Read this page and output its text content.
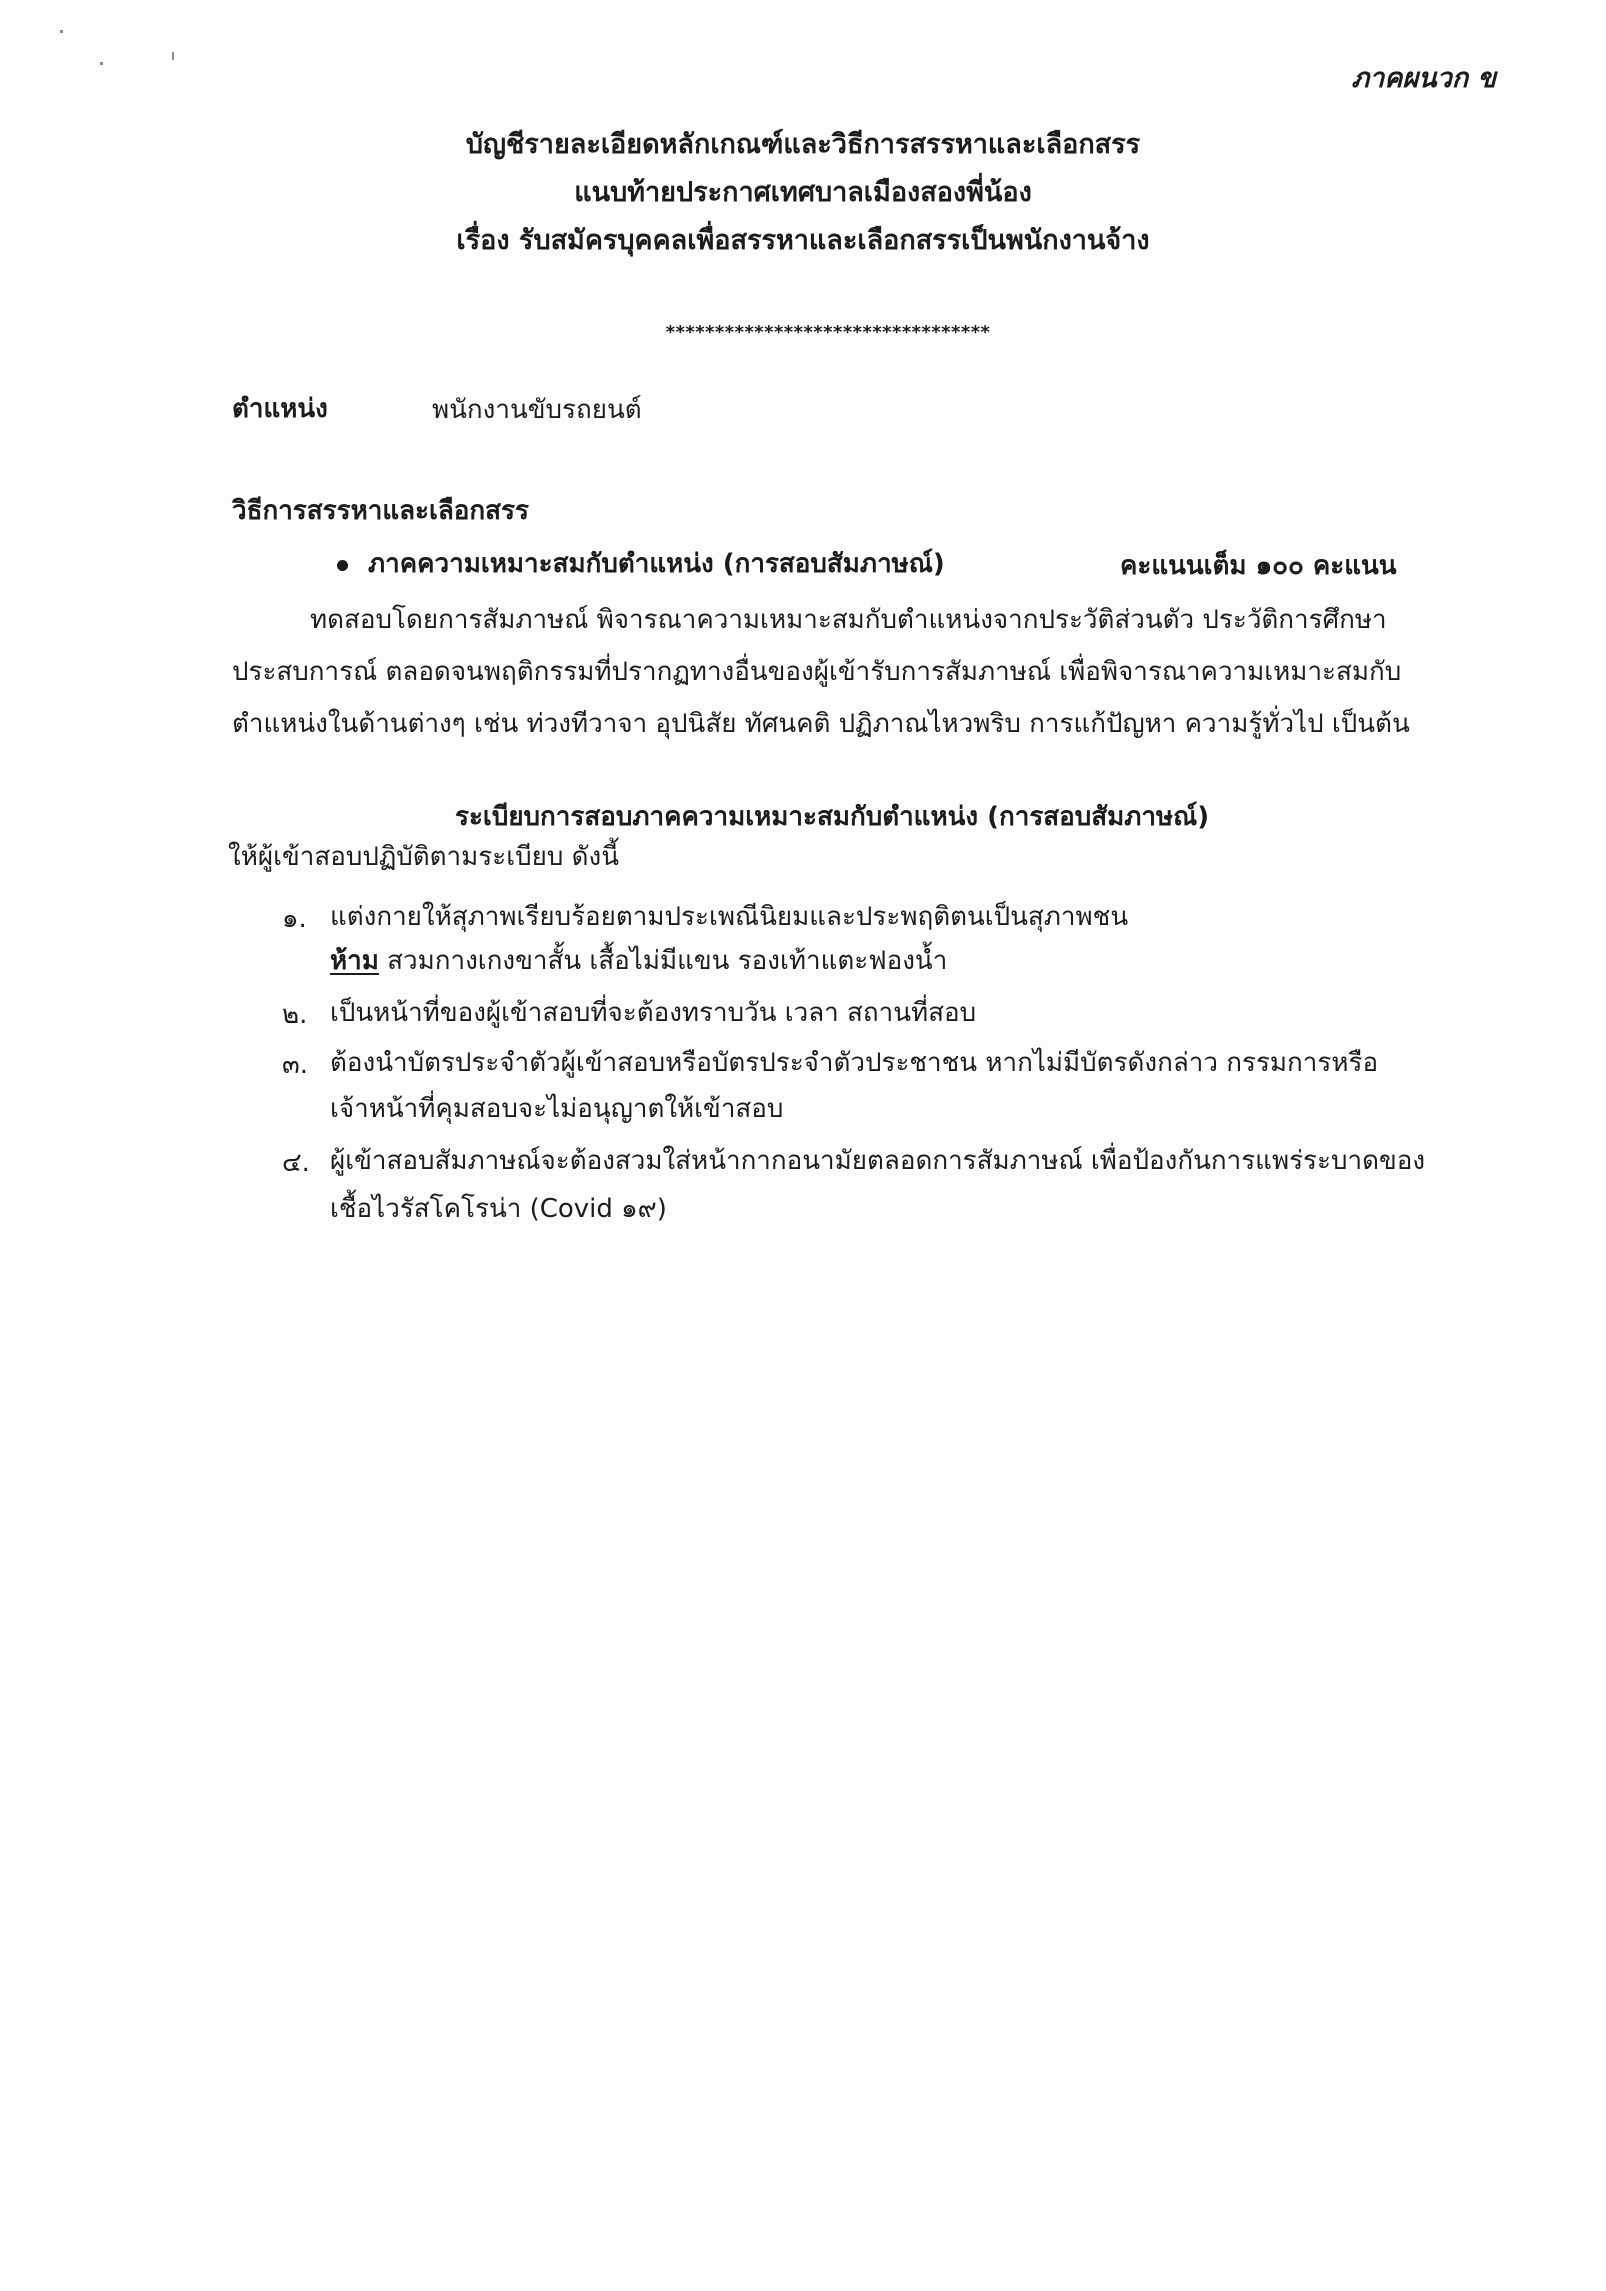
ภาคผนวก ข
บัญชีรายละเอียดหลักเกณฑ์และวิธีการสรรหาและเลือกสรร
แนบท้ายประกาศเทศบาลเมืองสองพี่น้อง
เรื่อง รับสมัครบุคคลเพื่อสรรหาและเลือกสรรเป็นพนักงานจ้าง
*********************************
ตำแหน่ง	พนักงานขับรถยนต์
วิธีการสรรหาและเลือกสรร
ภาคความเหมาะสมกับตำแหน่ง (การสอบสัมภาษณ์)	คะแนนเต็ม ๑๐๐ คะแนน
ทดสอบโดยการสัมภาษณ์ พิจารณาความเหมาะสมกับตำแหน่งจากประวัติส่วนตัว ประวัติการศึกษา
ประสบการณ์ ตลอดจนพฤติกรรมที่ปรากฏทางอื่นของผู้เข้ารับการสัมภาษณ์ เพื่อพิจารณาความเหมาะสมกับ
ตำแหน่งในด้านต่างๆ เช่น ท่วงทีวาจา อุปนิสัย ทัศนคติ ปฏิภาณไหวพริบ การแก้ปัญหา ความรู้ทั่วไป เป็นต้น
ระเบียบการสอบภาคความเหมาะสมกับตำแหน่ง (การสอบสัมภาษณ์)
ให้ผู้เข้าสอบปฏิบัติตามระเบียบ ดังนี้
๑. แต่งกายให้สุภาพเรียบร้อยตามประเพณีนิยมและประพฤติตนเป็นสุภาพชน
ห้าม สวมกางเกงขาสั้น เสื้อไม่มีแขน รองเท้าแตะฟองน้ำ
๒. เป็นหน้าที่ของผู้เข้าสอบที่จะต้องทราบวัน เวลา สถานที่สอบ
๓. ต้องนำบัตรประจำตัวผู้เข้าสอบหรือบัตรประจำตัวประชาชน หากไม่มีบัตรดังกล่าว กรรมการหรือ
เจ้าหน้าที่คุมสอบจะไม่อนุญาตให้เข้าสอบ
๔. ผู้เข้าสอบสัมภาษณ์จะต้องสวมใส่หน้ากากอนามัยตลอดการสัมภาษณ์ เพื่อป้องกันการแพร่ระบาดของ
เชื้อไวรัสโคโรน่า (Covid ๑๙)
